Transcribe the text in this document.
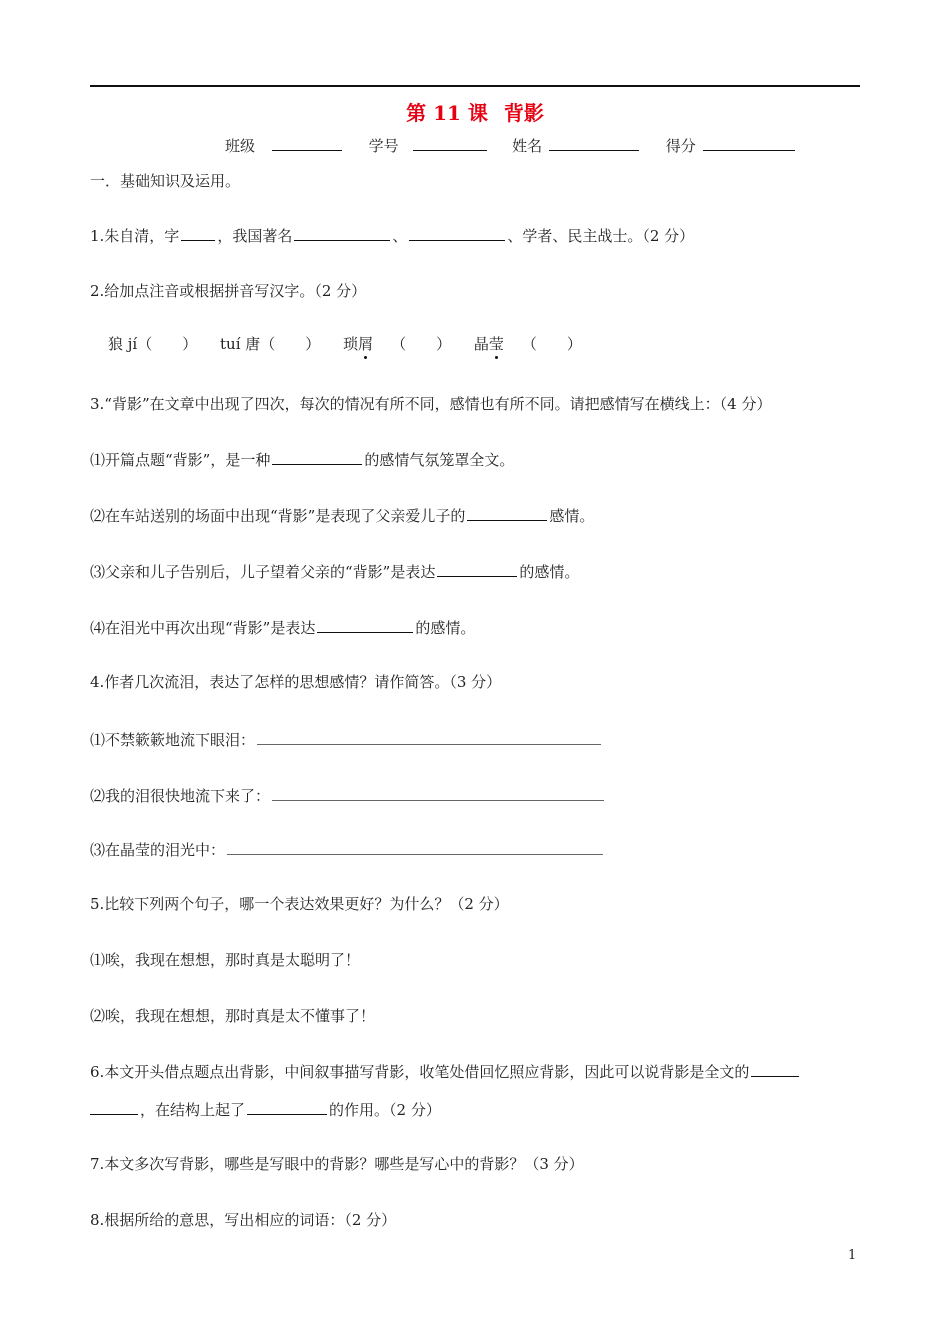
第 11 课 背影
班级	学号	姓名	得分
一．基础知识及运用。
1.朱自清，字	，我国著名	、	、学者、民主战士。（2 分）
2.给加点注音或根据拼音写汉字。（2 分）
狼 jí（　　） tuí 唐（　　） 琐屑 （　　） 晶莹 （　　）
3.“背影”在文章中出现了四次，每次的情况有所不同，感情也有所不同。请把感情写在横线上：（4 分）
⑴开篇点题“背影”，是一种	的感情气氛笼罩全文。
⑵在车站送别的场面中出现“背影”是表现了父亲爱儿子的	感情。
⑶父亲和儿子告别后，儿子望着父亲的“背影”是表达	的感情。
⑷在泪光中再次出现“背影”是表达	的感情。
4.作者几次流泪，表达了怎样的思想感情？请作简答。（3 分）
⑴不禁簌簌地流下眼泪：
⑵我的泪很快地流下来了：
⑶在晶莹的泪光中：
5.比较下列两个句子，哪一个表达效果更好？为什么？（2 分）
⑴唉，我现在想想，那时真是太聪明了！
⑵唉，我现在想想，那时真是太不懂事了！
6.本文开头借点题点出背影，中间叙事描写背影，收笔处借回忆照应背影，因此可以说背影是全文的
，在结构上起了	的作用。（2 分）
7.本文多次写背影，哪些是写眼中的背影？哪些是写心中的背影？（3 分）
8.根据所给的意思，写出相应的词语：（2 分）
1
